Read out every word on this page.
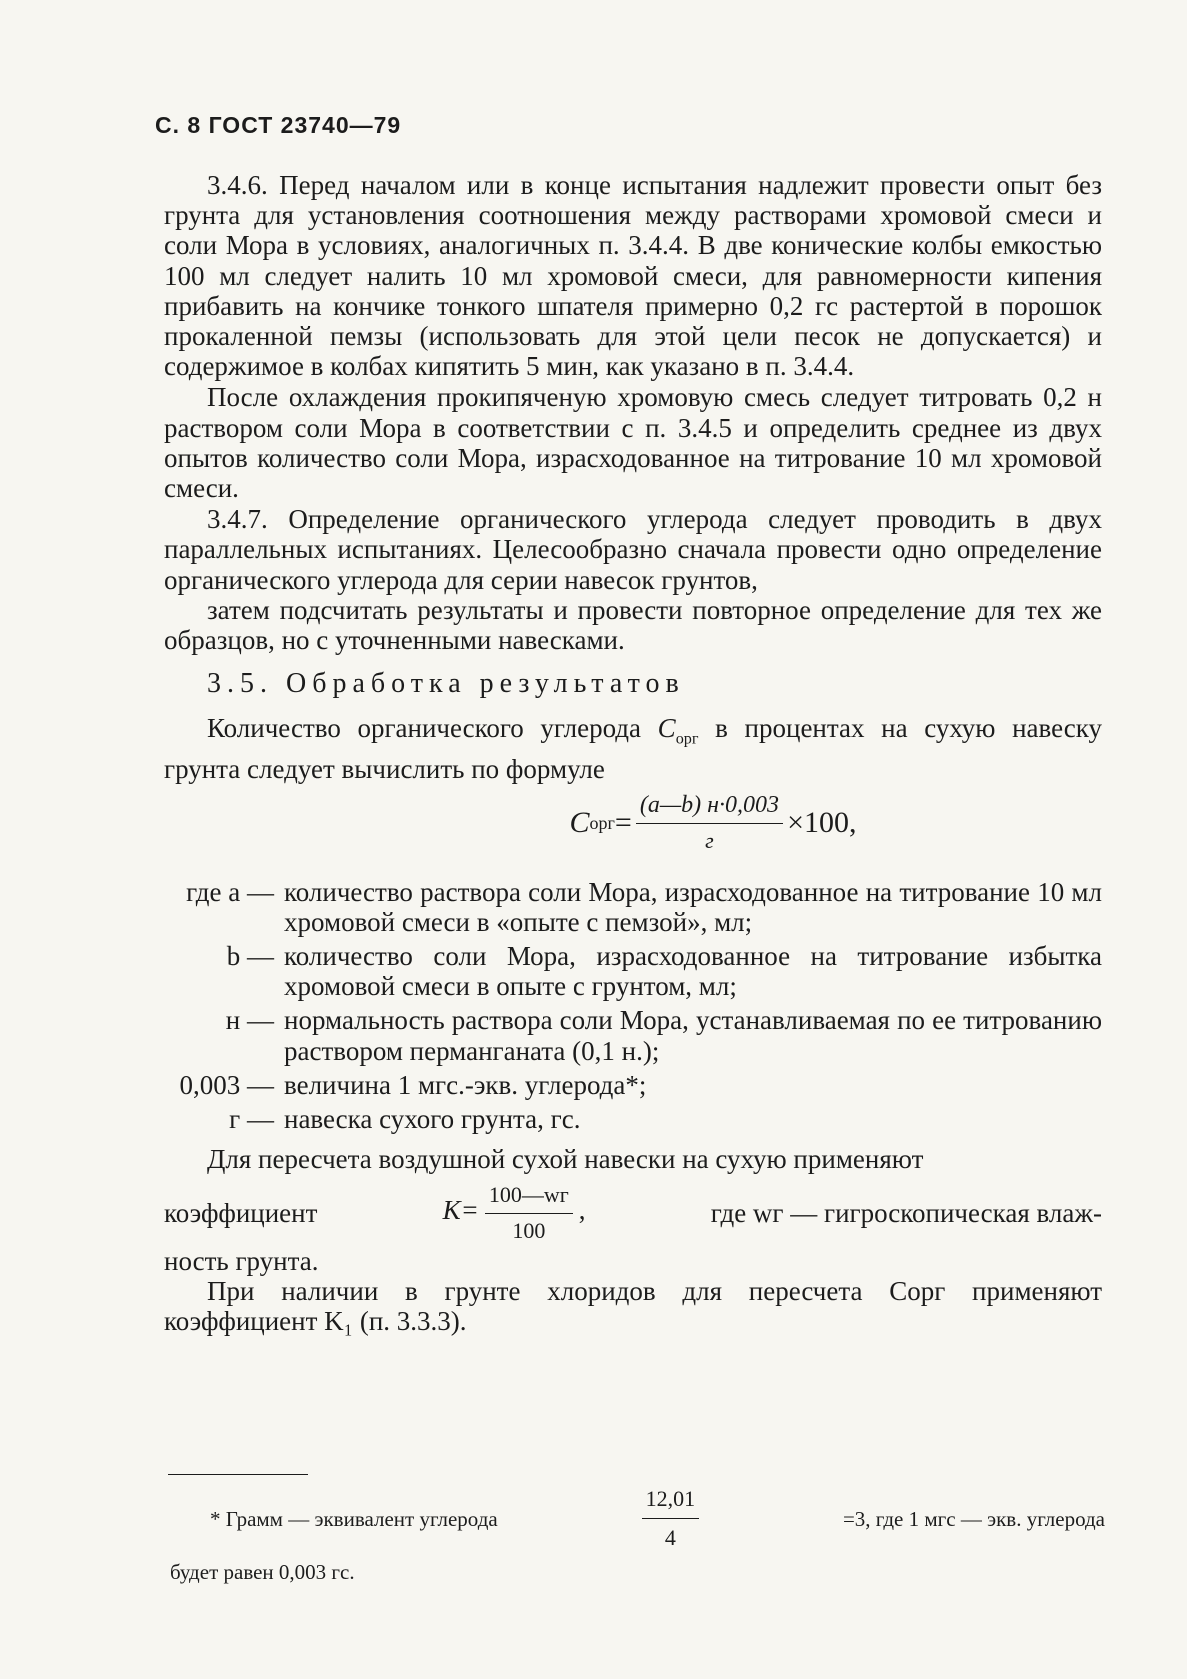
С. 8 ГОСТ 23740—79

3.4.6. Перед началом или в конце испытания надлежит провести опыт без грунта для установления соотношения между растворами хромовой смеси и соли Мора в условиях, аналогичных п. 3.4.4. В две конические колбы емкостью 100 мл следует налить 10 мл хромовой смеси, для равномерности кипения прибавить на кончике тонкого шпателя примерно 0,2 гс растертой в порошок прокаленной пемзы (использовать для этой цели песок не допускается) и содержимое в колбах кипятить 5 мин, как указано в п. 3.4.4.

После охлаждения прокипяченую хромовую смесь следует титровать 0,2 н раствором соли Мора в соответствии с п. 3.4.5 и определить среднее из двух опытов количество соли Мора, израсходованное на титрование 10 мл хромовой смеси.

3.4.7. Определение органического углерода следует проводить в двух параллельных испытаниях. Целесообразно сначала провести одно определение органического углерода для серии навесок грунтов,

затем подсчитать результаты и провести повторное определение для тех же образцов, но с уточненными навесками.

3.5. Обработка результатов

Количество органического углерода $C_{орг}$ в процентах на сухую навеску грунта следует вычислить по формуле

C орг = $\frac{(a—b) н\cdot 0,003}{г} \times 100$,
где a — количество раствора соли Мора, израсходованное на титрование 10 мл хромовой смеси в «опыте с пемзой», мл;
b — количество соли Мора, израсходованное на титрование избытка хромовой смеси в опыте с грунтом, мл;
н — нормальность раствора соли Мора, устанавливаемая по ее титрованию раствором перманганата (0,1 н.);
0,003 — величина 1 мгс.-экв. углерода*;
г — навеска сухого грунта, гс.

Для пересчета воздушной сухой навески на сухую применяют

коэффициент	$K= \frac{100—wг}{100}$ ,	где wг — гигроскопическая влаж-

ность грунта.

При наличии в грунте хлоридов для пересчета Cорг применяют коэффициент K₁ (п. 3.3.3).

* Грамм — эквивалент углерода	$\frac{12,01}{4}$	=3, где 1 мгс — экв. углерода
будет равен 0,003 гс.
